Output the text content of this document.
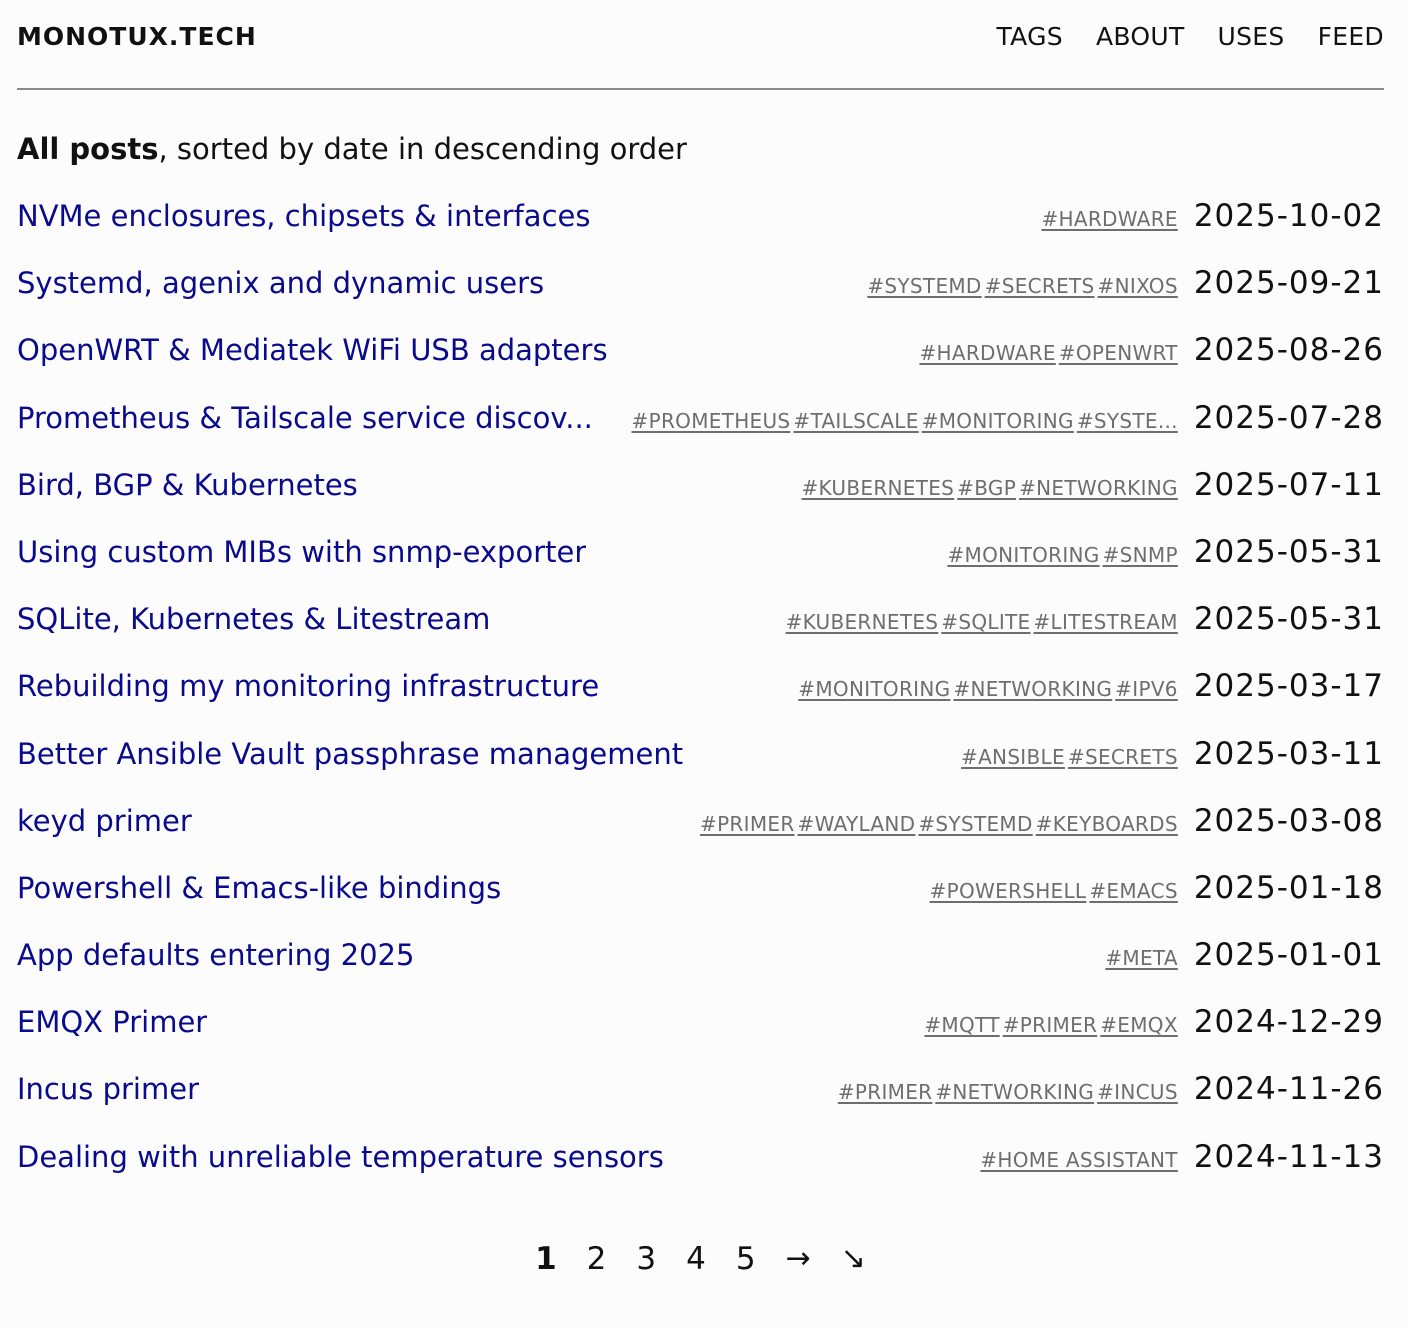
MONOTUX.TECH	TAGS ABOUT USES FEED
All posts, sorted by date in descending order
NVMe enclosures, chipsets & interfaces	#HARDWARE 2025-10-02
Systemd, agenix and dynamic users	#SYSTEMD #SECRETS #NIXOS 2025-09-21
OpenWRT & Mediatek WiFi USB adapters	#HARDWARE #OPENWRT 2025-08-26
Prometheus & Tailscale service discov...	#PROMETHEUS #TAILSCALE #MONITORING #SYSTE... 2025-07-28
Bird, BGP & Kubernetes	#KUBERNETES #BGP #NETWORKING 2025-07-11
Using custom MIBs with snmp-exporter	#MONITORING #SNMP 2025-05-31
SQLite, Kubernetes & Litestream	#KUBERNETES #SQLITE #LITESTREAM 2025-05-31
Rebuilding my monitoring infrastructure	#MONITORING #NETWORKING #IPV6 2025-03-17
Better Ansible Vault passphrase management	#ANSIBLE #SECRETS 2025-03-11
keyd primer	#PRIMER #WAYLAND #SYSTEMD #KEYBOARDS 2025-03-08
Powershell & Emacs-like bindings	#POWERSHELL #EMACS 2025-01-18
App defaults entering 2025	#META 2025-01-01
EMQX Primer	#MQTT #PRIMER #EMQX 2024-12-29
Incus primer	#PRIMER #NETWORKING #INCUS 2024-11-26
Dealing with unreliable temperature sensors	#HOME ASSISTANT 2024-11-13
1 2 3 4 5 → ↘
